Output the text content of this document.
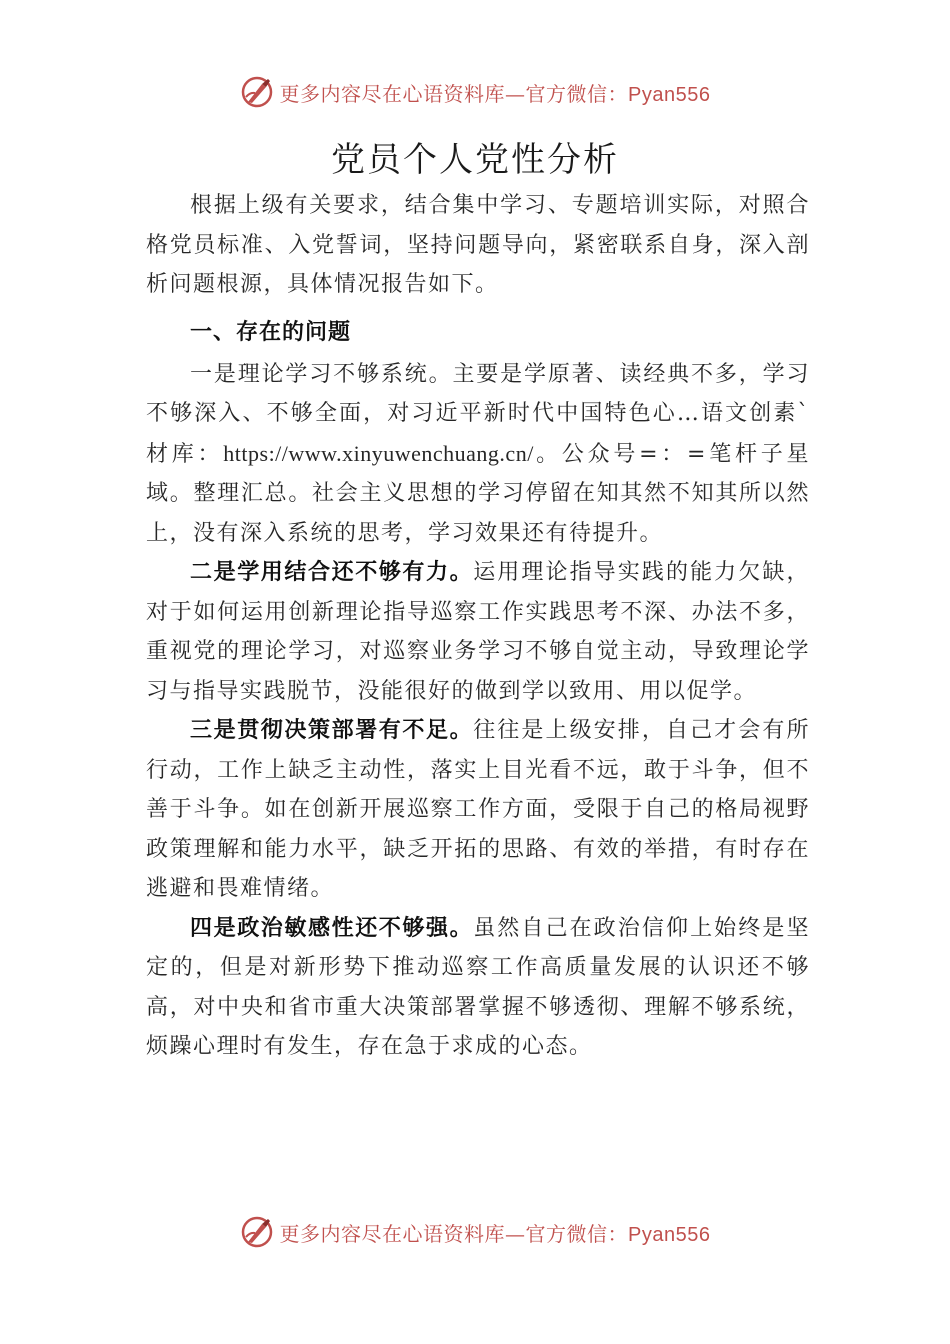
更多内容尽在心语资料库—官方微信：Pyan556
党员个人党性分析

根据上级有关要求，结合集中学习、专题培训实际，对照合格党员标准、入党誓词，坚持问题导向，紧密联系自身，深入剖析问题根源，具体情况报告如下。

一、存在的问题

一是理论学习不够系统。主要是学原著、读经典不多，学习不够深入、不够全面，对习近平新时代中国特色心…语文创素`材库：https://www.xinyuwenchuang.cn/。公众号=：=笔杆子星域。整理汇总。社会主义思想的学习停留在知其然不知其所以然上，没有深入系统的思考，学习效果还有待提升。

二是学用结合还不够有力。运用理论指导实践的能力欠缺，对于如何运用创新理论指导巡察工作实践思考不深、办法不多，重视党的理论学习，对巡察业务学习不够自觉主动，导致理论学习与指导实践脱节，没能很好的做到学以致用、用以促学。

三是贯彻决策部署有不足。往往是上级安排，自己才会有所行动，工作上缺乏主动性，落实上目光看不远，敢于斗争，但不善于斗争。如在创新开展巡察工作方面，受限于自己的格局视野政策理解和能力水平，缺乏开拓的思路、有效的举措，有时存在逃避和畏难情绪。

四是政治敏感性还不够强。虽然自己在政治信仰上始终是坚定的，但是对新形势下推动巡察工作高质量发展的认识还不够高，对中央和省市重大决策部署掌握不够透彻、理解不够系统，烦躁心理时有发生，存在急于求成的心态。

更多内容尽在心语资料库—官方微信：Pyan556
